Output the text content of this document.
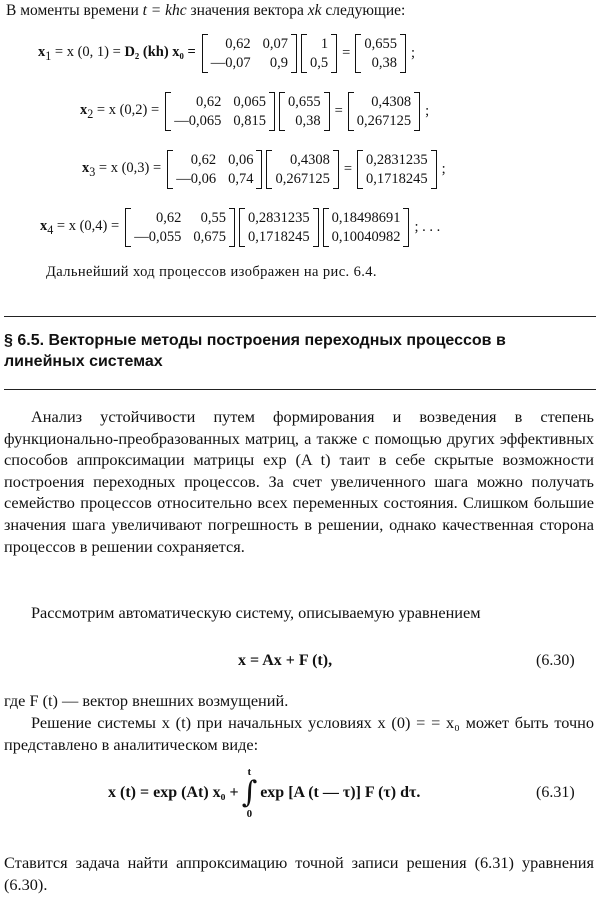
В моменты времени t = khc значения вектора xk следующие:
$x_1 = x$ (0, 1) = D₂ (kh) x₀ =	0,62 0,07
—0,07	0,9
1
0,5
=
0,655
0,38
;
$x_2 = x$ (0,2) =	0,62 0,065
—0,065 0,815
0,655
0,38
=
0,4308
0,267125
;
$x_3 = x$ (0,3) =	0,62 0,06
—0,06 0,74
0,4308
0,267125
=
0,2831235
0,1718245
;
$x_4 = x$ (0,4) =	0,62	0,55
—0,055 0,675
0,2831235
0,1718245
0,18498691
0,10040982
; . . .
Дальнейший ход процессов изображен на рис. 6.4.
§ 6.5. Векторные методы построения переходных процессов в линейных системах
Анализ устойчивости путем формирования и возведения в степень функционально-преобразованных матриц, а также с помощью других эффективных способов аппроксимации матрицы exp (A t) таит в себе скрытые возможности построения переходных процессов. За счет увеличенного шага можно получать семейство процессов относительно всех переменных состояния. Слишком большие значения шага увеличивают погрешность в решении, однако качественная сторона процессов в решении сохраняется.
Рассмотрим автоматическую систему, описываемую уравнением
x = Ax + F (t),	(6.30)
где F (t) — вектор внешних возмущений.
Решение системы x (t) при начальных условиях x (0) = = x₀ может быть точно представлено в аналитическом виде:
x (t) = exp (At) x₀ +
t
∫
0
exp [A (t — τ)] F (τ) dτ.	(6.31)
Ставится задача найти аппроксимацию точной записи решения (6.31) уравнения (6.30).
